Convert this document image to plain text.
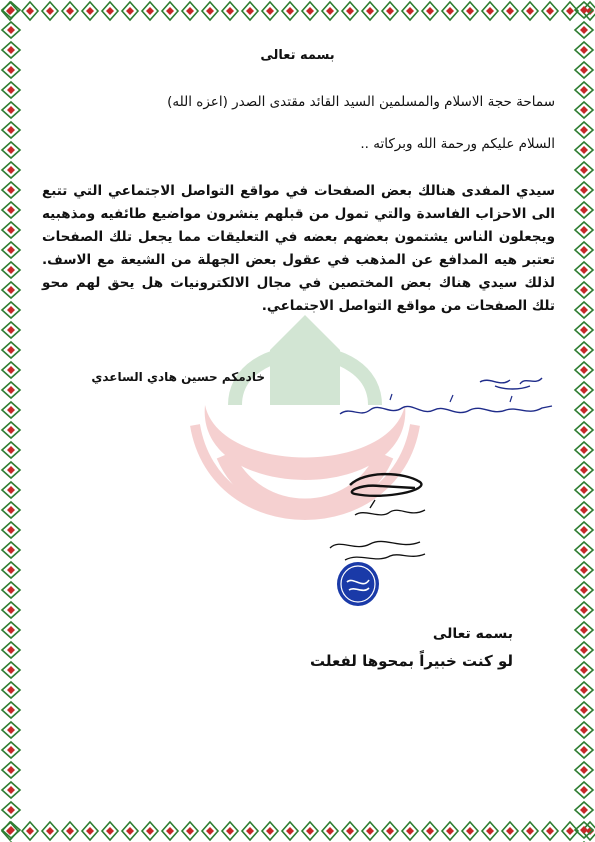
بسمه تعالى
سماحة حجة الاسلام والمسلمين السيد القائد مقتدى الصدر (اعزه الله)
السلام عليكم ورحمة الله وبركاته ..
سيدي المفدى هنالك بعض الصفحات في مواقع التواصل الاجتماعي التي تتبع الى الاحزاب الفاسدة والتي تمول من قبلهم ينشرون مواضيع طائفيه ومذهبيه ويجعلون الناس يشتمون بعضهم بعضه في التعليقات مما يجعل تلك الصفحات تعتبر هيه المدافع عن المذهب في عقول بعض الجهلة من الشيعة مع الاسف. لذلك سيدي هناك بعض المختصين في مجال الالكترونيات هل يحق لهم محو تلك الصفحات من مواقع التواصل الاجتماعي.
خادمكم حسين هادي الساعدي
بسمه تعالى
لو كنت خبيراً بمحوها لفعلت
